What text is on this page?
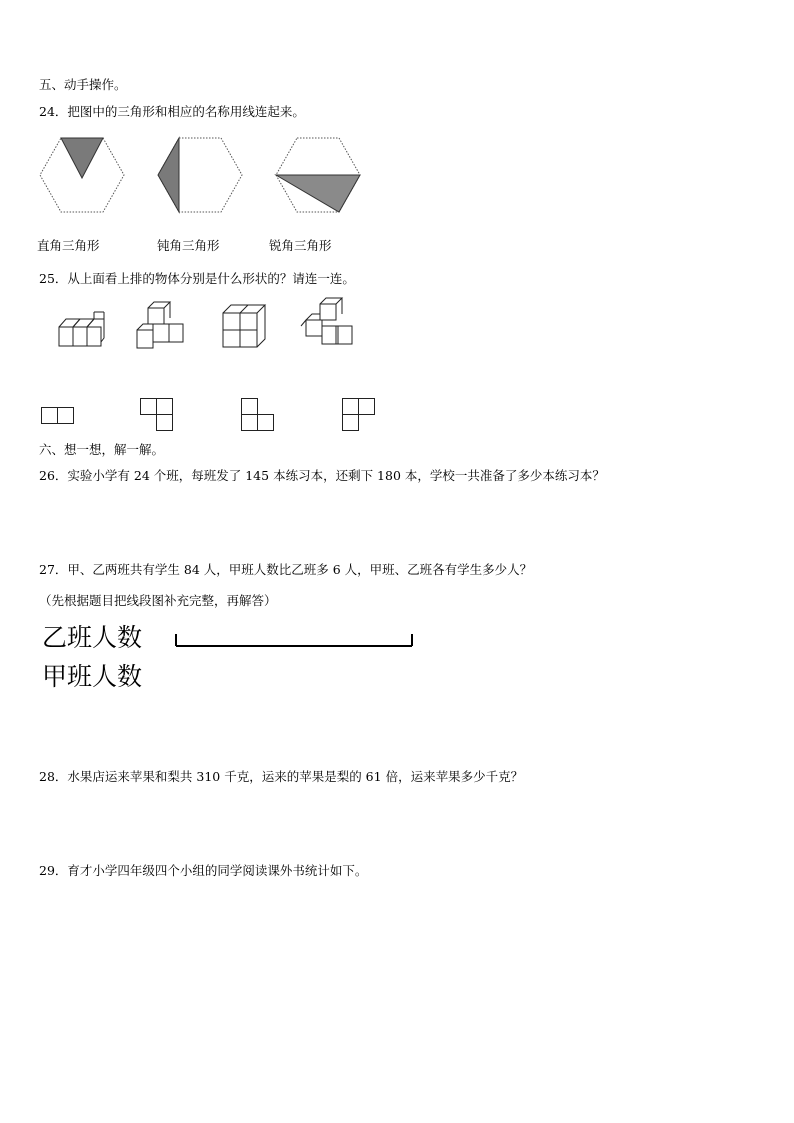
五、动手操作。
24．把图中的三角形和相应的名称用线连起来。
直角三角形	钝角三角形	锐角三角形
25．从上面看上排的物体分别是什么形状的？请连一连。
六、想一想，解一解。
26．实验小学有 24 个班，每班发了 145 本练习本，还剩下 180 本，学校一共准备了多少本练习本？
27．甲、乙两班共有学生 84 人，甲班人数比乙班多 6 人，甲班、乙班各有学生多少人？
（先根据题目把线段图补充完整，再解答）
乙班人数
甲班人数
28．水果店运来苹果和梨共 310 千克，运来的苹果是梨的 61 倍，运来苹果多少千克？
29．育才小学四年级四个小组的同学阅读课外书统计如下。
